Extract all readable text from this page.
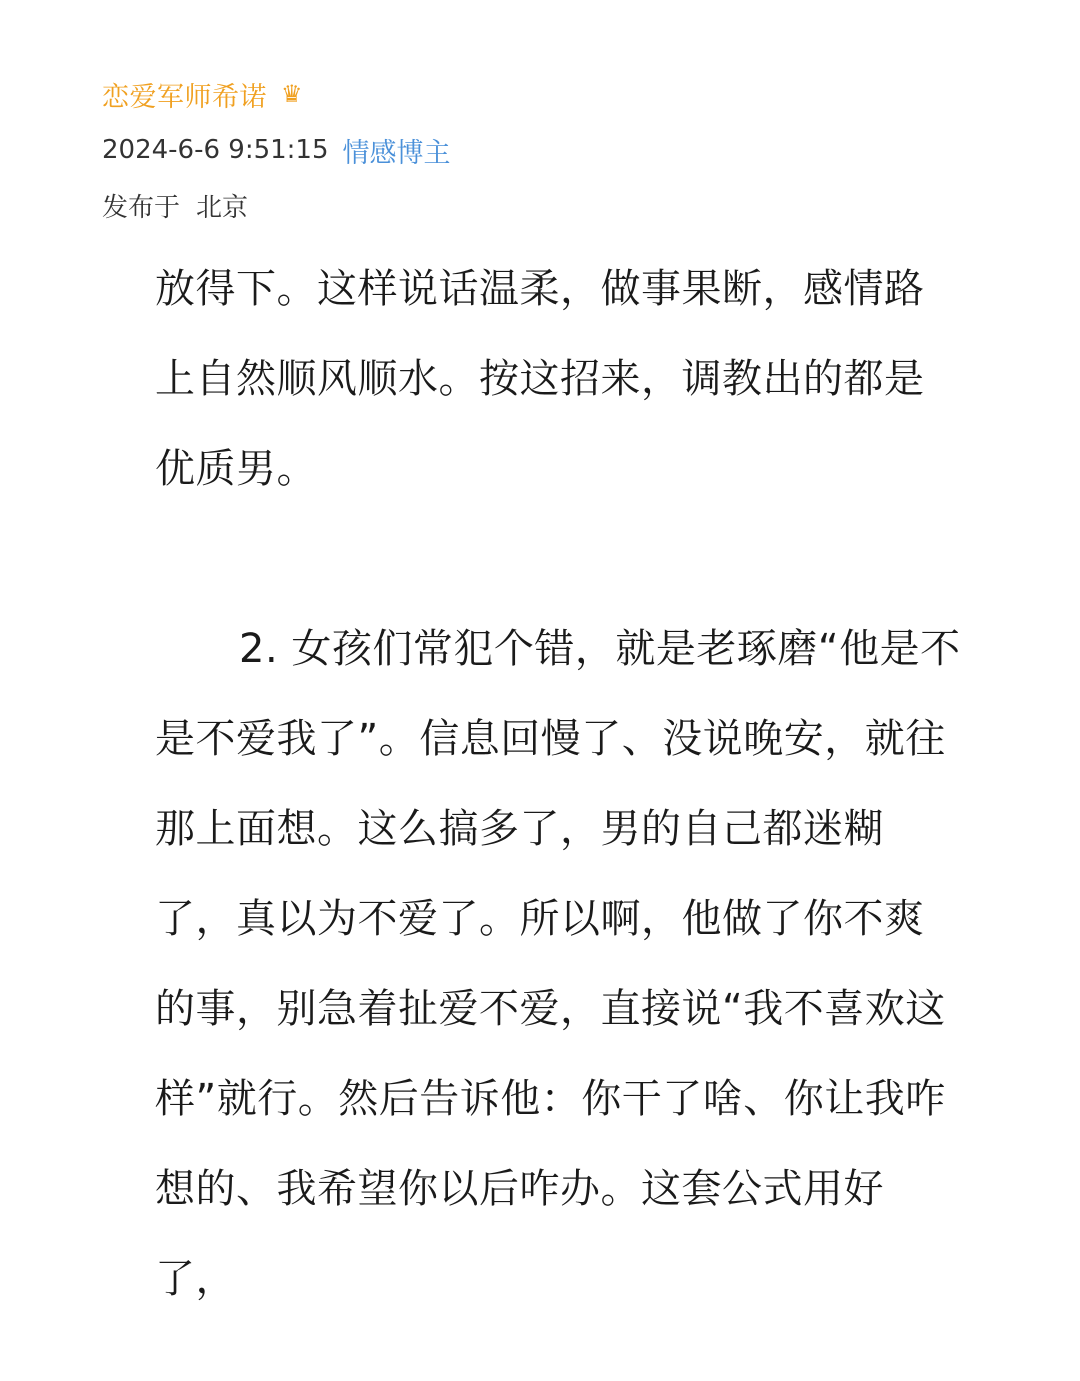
恋爱军师希诺 ♛
2024-6-6 9:51:15 情感博主
发布于 北京

放得下。这样说话温柔，做事果断，感情路上自然顺风顺水。按这招来，调教出的都是优质男。

2. 女孩们常犯个错，就是老琢磨“他是不是不爱我了”。信息回慢了、没说晚安，就往那上面想。这么搞多了，男的自己都迷糊了，真以为不爱了。所以啊，他做了你不爽的事，别急着扯爱不爱，直接说“我不喜欢这样”就行。然后告诉他：你干了啥、你让我咋想的、我希望你以后咋办。这套公式用好了，
